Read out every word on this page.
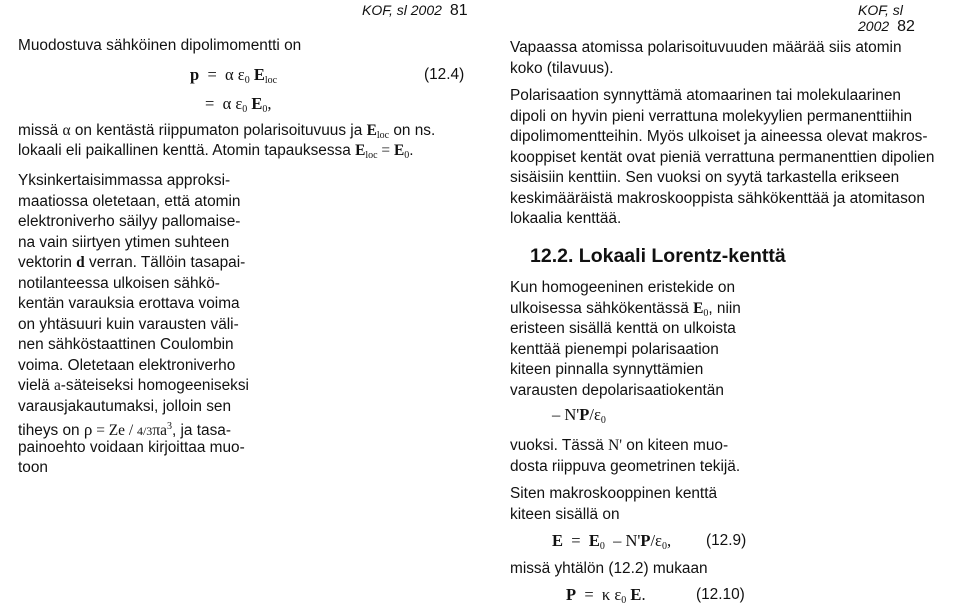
KOF, sl 2002 81
Muodostuva sähköinen dipolimomentti on
p = α $\varepsilon_0$ $E_{loc}$	(12.4)
= α $\varepsilon_0$ $E_0$,
missä α on kentästä riippumaton polarisoituvuus ja $E_{loc}$ on ns.
lokaali eli paikallinen kenttä. Atomin tapauksessa $E_{loc} = E_0$.
Yksinkertaisimmassa approksi-
maatiossa oletetaan, että atomin
elektroniverho säilyy pallomaise-
na vain siirtyen ytimen suhteen
vektorin d verran. Tällöin tasapai-
notilanteessa ulkoisen sähkö-
kentän varauksia erottava voima
on yhtäsuuri kuin varausten väli-
nen sähköstaattinen Coulombin
voima. Oletetaan elektroniverho
vielä a-säteiseksi homogeeniseksi
varausjakautumaksi, jolloin sen
tiheys on $\rho = Ze / 4/3\pi a^3$, ja tasa-
painoehto voidaan kirjoittaa muo-
toon
KOF, sl 2002 82
Vapaassa atomissa polarisoituvuuden määrää siis atomin
koko (tilavuus).
Polarisaation synnyttämä atomaarinen tai molekulaarinen
dipoli on hyvin pieni verrattuna molekyylien permanenttiihin
dipolimomentteihin. Myös ulkoiset ja aineessa olevat makros-
kooppiset kentät ovat pieniä verrattuna permanenttien dipolien
sisäisiin kenttiin. Sen vuoksi on syytä tarkastella erikseen
keskimääräistä makroskooppista sähkökenttää ja atomitason
lokaalia kenttää.
12.2. Lokaali Lorentz-kenttä
Kun homogeeninen eristekide on
ulkoisessa sähkökentässä $E_0$, niin
eristeen sisällä kenttä on ulkoista
kenttää pienempi polarisaation
kiteen pinnalla synnyttämien
varausten depolarisaatiokentän
– $N'P/\varepsilon_0$
vuoksi. Tässä N' on kiteen muo-
dosta riippuva geometrinen tekijä.
Siten makroskooppinen kenttä
kiteen sisällä on
$E = E_0 - N'P/\varepsilon_0$, (12.9)
missä yhtälön (12.2) mukaan
P = κ $\varepsilon_0$ E.	(12.10)
